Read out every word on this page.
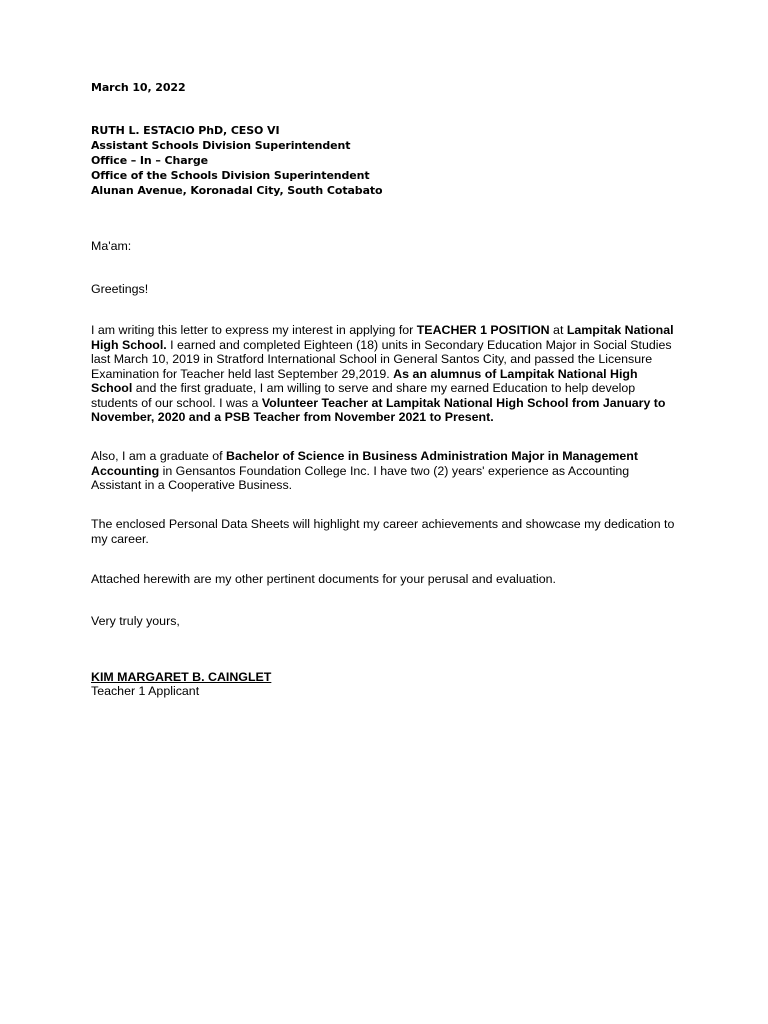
March 10, 2022
RUTH L. ESTACIO PhD, CESO VI
Assistant Schools Division Superintendent
Office – In – Charge
Office of the Schools Division Superintendent
Alunan Avenue, Koronadal City, South Cotabato
Ma'am:
Greetings!

I am writing this letter to express my interest in applying for TEACHER 1 POSITION at Lampitak National High School. I earned and completed Eighteen (18) units in Secondary Education Major in Social Studies last March 10, 2019 in Stratford International School in General Santos City, and passed the Licensure Examination for Teacher held last September 29,2019. As an alumnus of Lampitak National High School and the first graduate, I am willing to serve and share my earned Education to help develop students of our school. I was a Volunteer Teacher at Lampitak National High School from January to November, 2020 and a PSB Teacher from November 2021 to Present.

Also, I am a graduate of Bachelor of Science in Business Administration Major in Management Accounting in Gensantos Foundation College Inc. I have two (2) years' experience as Accounting Assistant in a Cooperative Business.

The enclosed Personal Data Sheets will highlight my career achievements and showcase my dedication to my career.
Attached herewith are my other pertinent documents for your perusal and evaluation.
Very truly yours,
KIM MARGARET B. CAINGLET
Teacher 1 Applicant
